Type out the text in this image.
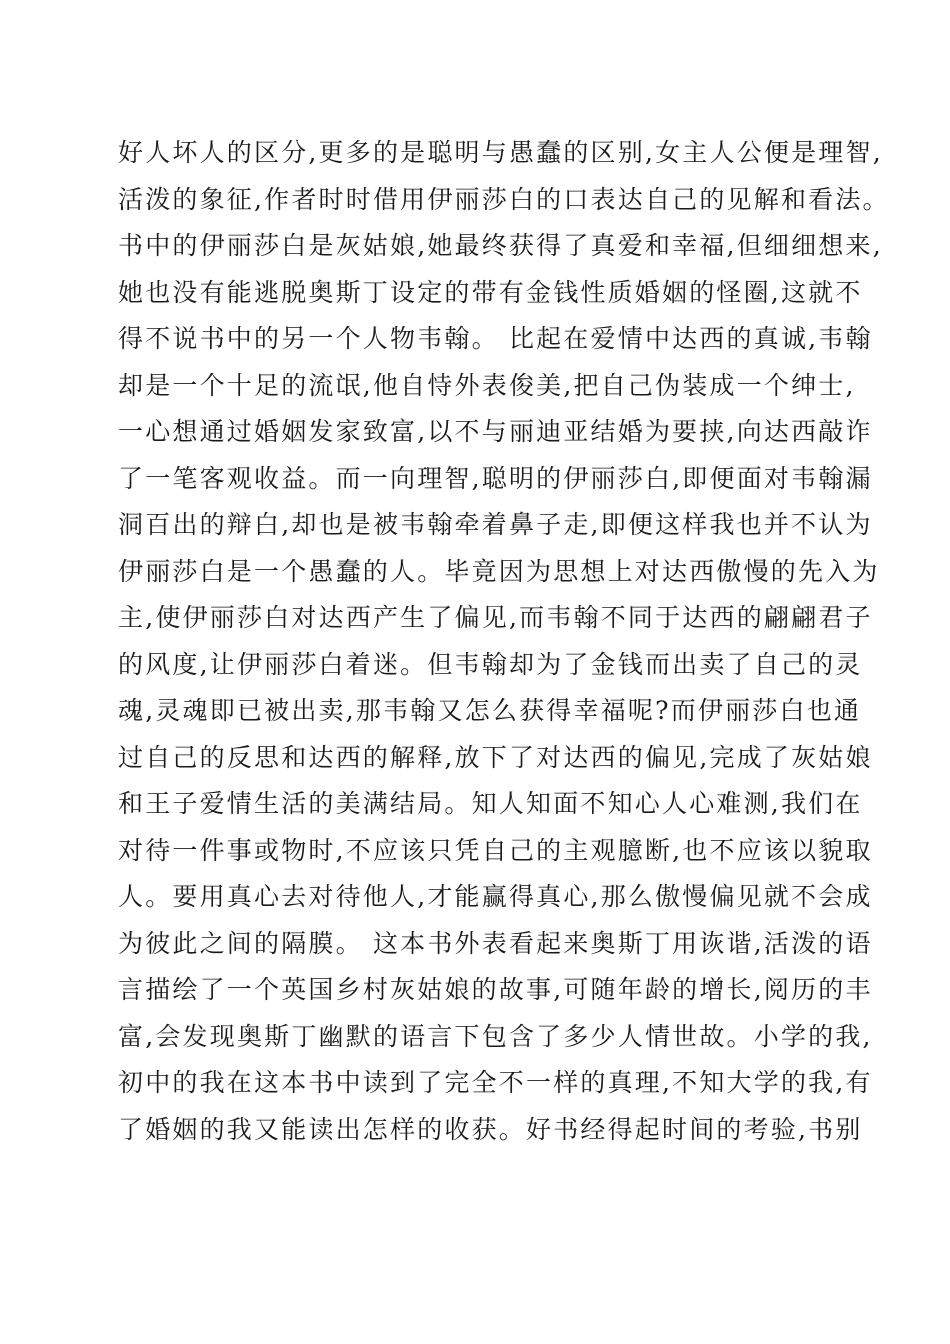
好人坏人的区分,更多的是聪明与愚蠢的区别,女主人公便是理智,
活泼的象征,作者时时借用伊丽莎白的口表达自己的见解和看法。
书中的伊丽莎白是灰姑娘,她最终获得了真爱和幸福,但细细想来,
她也没有能逃脱奥斯丁设定的带有金钱性质婚姻的怪圈,这就不
得不说书中的另一个人物韦翰。 比起在爱情中达西的真诚,韦翰
却是一个十足的流氓,他自恃外表俊美,把自己伪装成一个绅士,
一心想通过婚姻发家致富,以不与丽迪亚结婚为要挟,向达西敲诈
了一笔客观收益。而一向理智,聪明的伊丽莎白,即便面对韦翰漏
洞百出的辩白,却也是被韦翰牵着鼻子走,即便这样我也并不认为
伊丽莎白是一个愚蠢的人。毕竟因为思想上对达西傲慢的先入为
主,使伊丽莎白对达西产生了偏见,而韦翰不同于达西的翩翩君子
的风度,让伊丽莎白着迷。但韦翰却为了金钱而出卖了自己的灵
魂,灵魂即已被出卖,那韦翰又怎么获得幸福呢?而伊丽莎白也通
过自己的反思和达西的解释,放下了对达西的偏见,完成了灰姑娘
和王子爱情生活的美满结局。知人知面不知心人心难测,我们在
对待一件事或物时,不应该只凭自己的主观臆断,也不应该以貌取
人。要用真心去对待他人,才能赢得真心,那么傲慢偏见就不会成
为彼此之间的隔膜。 这本书外表看起来奥斯丁用诙谐,活泼的语
言描绘了一个英国乡村灰姑娘的故事,可随年龄的增长,阅历的丰
富,会发现奥斯丁幽默的语言下包含了多少人情世故。小学的我,
初中的我在这本书中读到了完全不一样的真理,不知大学的我,有
了婚姻的我又能读出怎样的收获。好书经得起时间的考验,书别
